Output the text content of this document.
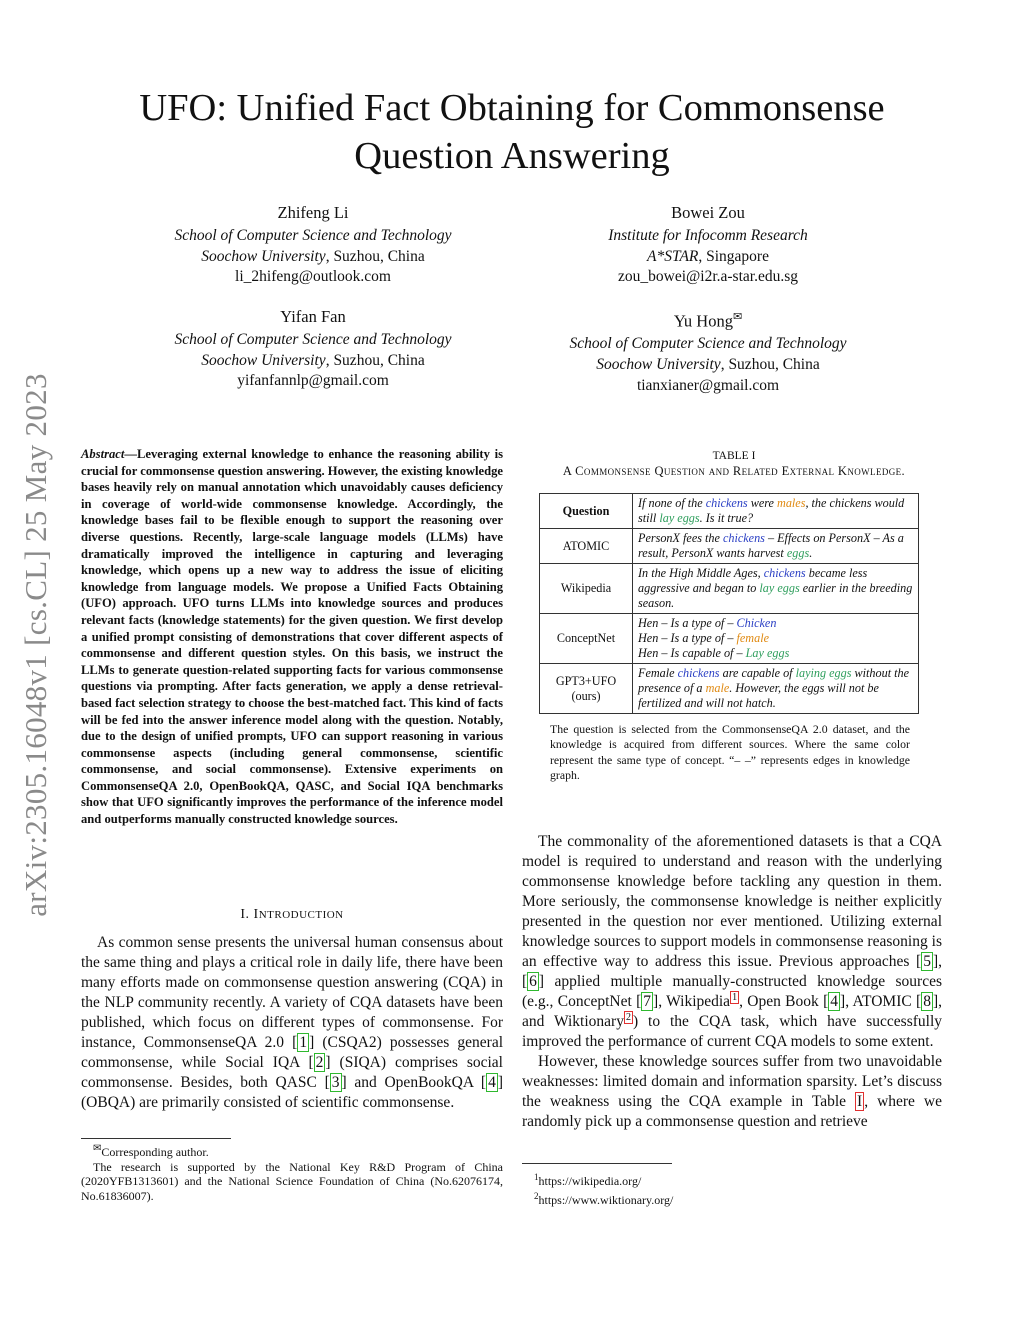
arXiv:2305.16048v1 [cs.CL] 25 May 2023
UFO: Unified Fact Obtaining for Commonsense Question Answering
Zhifeng Li
School of Computer Science and Technology
Soochow University, Suzhou, China
li_2hifeng@outlook.com
Bowei Zou
Institute for Infocomm Research
A*STAR, Singapore
zou_bowei@i2r.a-star.edu.sg
Yifan Fan
School of Computer Science and Technology
Soochow University, Suzhou, China
yifanfannlp@gmail.com
Yu Hong✉
School of Computer Science and Technology
Soochow University, Suzhou, China
tianxianer@gmail.com
Abstract—Leveraging external knowledge to enhance the reasoning ability is crucial for commonsense question answering. However, the existing knowledge bases heavily rely on manual annotation which unavoidably causes deficiency in coverage of world-wide commonsense knowledge. Accordingly, the knowledge bases fail to be flexible enough to support the reasoning over diverse questions. Recently, large-scale language models (LLMs) have dramatically improved the intelligence in capturing and leveraging knowledge, which opens up a new way to address the issue of eliciting knowledge from language models. We propose a Unified Facts Obtaining (UFO) approach. UFO turns LLMs into knowledge sources and produces relevant facts (knowledge statements) for the given question. We first develop a unified prompt consisting of demonstrations that cover different aspects of commonsense and different question styles. On this basis, we instruct the LLMs to generate question-related supporting facts for various commonsense questions via prompting. After facts generation, we apply a dense retrieval-based fact selection strategy to choose the best-matched fact. This kind of facts will be fed into the answer inference model along with the question. Notably, due to the design of unified prompts, UFO can support reasoning in various commonsense aspects (including general commonsense, scientific commonsense, and social commonsense). Extensive experiments on CommonsenseQA 2.0, OpenBookQA, QASC, and Social IQA benchmarks show that UFO significantly improves the performance of the inference model and outperforms manually constructed knowledge sources.
I. INTRODUCTION

As common sense presents the universal human consensus about the same thing and plays a critical role in daily life, there have been many efforts made on commonsense question answering (CQA) in the NLP community recently. A variety of CQA datasets have been published, which focus on different types of commonsense. For instance, CommonsenseQA 2.0 [ 1 ] (CSQA2) possesses general commonsense, while Social IQA [ 2 ] (SIQA) comprises social commonsense. Besides, both QASC [ 3 ] and OpenBookQA [ 4 ] (OBQA) are primarily consisted of scientific commonsense.

✉Corresponding author.
The research is supported by the National Key R&D Program of China (2020YFB1313601) and the National Science Foundation of China (No.62076174, No.61836007).
TABLE I
A Commonsense Question and Related External Knowledge.
Question	If none of the chickens were males, the chickens would still lay eggs. Is it true?
ATOMIC	PersonX fees the chickens – Effects on PersonX – As a result, PersonX wants harvest eggs.
Wikipedia	In the High Middle Ages, chickens became less aggressive and began to lay eggs earlier in the breeding season.
ConceptNet	Hen – Is a type of – Chicken
Hen – Is a type of – female
Hen – Is capable of – Lay eggs

GPT3+UFO
(ours)	Female chickens are capable of laying eggs without the presence of a male. However, the eggs will not be fertilized and will not hatch.
The question is selected from the CommonsenseQA 2.0 dataset, and the knowledge is acquired from different sources. Where the same color represent the same type of concept. “– –” represents edges in knowledge graph.

The commonality of the aforementioned datasets is that a CQA model is required to understand and reason with the underlying commonsense knowledge before tackling any question in them. More seriously, the commonsense knowledge is neither explicitly presented in the question nor ever mentioned. Utilizing external knowledge sources to support models in commonsense reasoning is an effective way to address this issue. Previous approaches [ 5 ], [ 6 ] applied multiple manually-constructed knowledge sources (e.g., ConceptNet [ 7 ], Wikipedia $^1$ , Open Book [ 4 ], ATOMIC [ 8 ], and Wiktionary $^2$ ) to the CQA task, which have successfully improved the performance of current CQA models to some extent.

However, these knowledge sources suffer from two unavoidable weaknesses: limited domain and information sparsity. Let’s discuss the weakness using the CQA example in Table I , where we randomly pick up a commonsense question and retrieve

$^1$https://wikipedia.org/
$^2$https://www.wiktionary.org/
